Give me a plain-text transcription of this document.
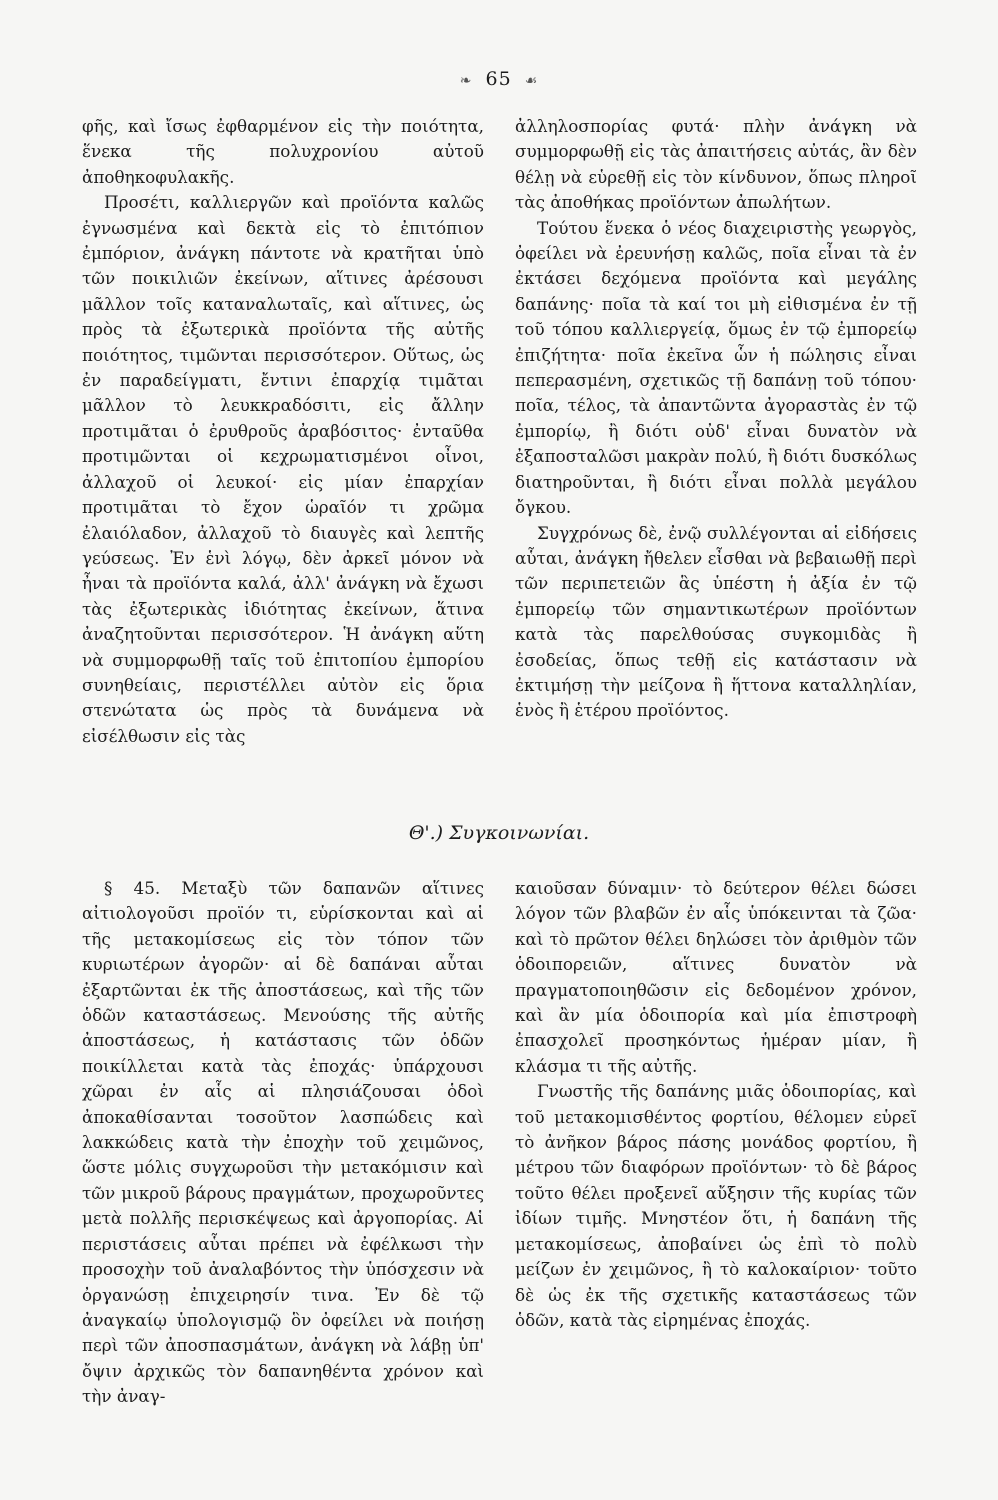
❧ 65 ☙

φῆς, καὶ ἴσως ἐφθαρμένον εἰς τὴν ποιότητα, ἕνεκα τῆς πολυχρονίου αὐτοῦ ἀποθηκοφυλακῆς.

Προσέτι, καλλιεργῶν καὶ προϊόντα καλῶς ἐγνωσμένα καὶ δεκτὰ εἰς τὸ ἐπιτόπιον ἐμπόριον, ἀνάγκη πάντοτε νὰ κρατῆται ὑπὸ τῶν ποικιλιῶν ἐκείνων, αἵτινες ἀρέσουσι μᾶλλον τοῖς καταναλωταῖς, καὶ αἵτινες, ὡς πρὸς τὰ ἐξωτερικὰ προϊόντα τῆς αὐτῆς ποιότητος, τιμῶνται περισσότερον. Οὕτως, ὡς ἐν παραδείγματι, ἔντινι ἐπαρχίᾳ τιμᾶται μᾶλλον τὸ λευκκραδόσιτι, εἰς ἄλλην προτιμᾶται ὁ ἐρυθροῦς ἀραβόσιτος· ἐνταῦθα προτιμῶνται οἱ κεχρωματισμένοι οἶνοι, ἀλλαχοῦ οἱ λευκοί· εἰς μίαν ἐπαρχίαν προτιμᾶται τὸ ἔχον ὡραῖόν τι χρῶμα ἐλαιόλαδον, ἀλλαχοῦ τὸ διαυγὲς καὶ λεπτῆς γεύσεως. Ἐν ἑνὶ λόγῳ, δὲν ἀρκεῖ μόνον νὰ ἦναι τὰ προϊόντα καλά, ἀλλ' ἀνάγκη νὰ ἔχωσι τὰς ἐξωτερικὰς ἰδιότητας ἐκείνων, ἅτινα ἀναζητοῦνται περισσότερον. Ἡ ἀνάγκη αὕτη νὰ συμμορφωθῇ ταῖς τοῦ ἐπιτοπίου ἐμπορίου συνηθείαις, περιστέλλει αὐτὸν εἰς ὅρια στενώτατα ὡς πρὸς τὰ δυνάμενα νὰ εἰσέλθωσιν εἰς τὰς

ἀλληλοσπορίας φυτά· πλὴν ἀνάγκη νὰ συμμορφωθῇ εἰς τὰς ἀπαιτήσεις αὐτάς, ἂν δὲν θέλῃ νὰ εὑρεθῇ εἰς τὸν κίνδυνον, ὅπως πληροῖ τὰς ἀποθήκας προϊόντων ἀπωλήτων.

Τούτου ἕνεκα ὁ νέος διαχειριστὴς γεωργὸς, ὀφείλει νὰ ἐρευνήσῃ καλῶς, ποῖα εἶναι τὰ ἐν ἐκτάσει δεχόμενα προϊόντα καὶ μεγάλης δαπάνης· ποῖα τὰ καί τοι μὴ εἰθισμένα ἐν τῇ τοῦ τόπου καλλιεργείᾳ, ὅμως ἐν τῷ ἐμπορείῳ ἐπιζήτητα· ποῖα ἐκεῖνα ὧν ἡ πώλησις εἶναι πεπερασμένη, σχετικῶς τῇ δαπάνῃ τοῦ τόπου· ποῖα, τέλος, τὰ ἀπαντῶντα ἀγοραστὰς ἐν τῷ ἐμπορίῳ, ἢ διότι οὐδ' εἶναι δυνατὸν νὰ ἐξαποσταλῶσι μακρὰν πολύ, ἢ διότι δυσκόλως διατηροῦνται, ἢ διότι εἶναι πολλὰ μεγάλου ὄγκου.

Συγχρόνως δὲ, ἐνῷ συλλέγονται αἱ εἰδήσεις αὗται, ἀνάγκη ἤθελεν εἶσθαι νὰ βεβαιωθῇ περὶ τῶν περιπετειῶν ἃς ὑπέστη ἡ ἀξία ἐν τῷ ἐμπορείῳ τῶν σημαντικωτέρων προϊόντων κατὰ τὰς παρελθούσας συγκομιδὰς ἢ ἐσοδείας, ὅπως τεθῇ εἰς κατάστασιν νὰ ἐκτιμήσῃ τὴν μείζονα ἢ ἥττονα καταλληλίαν, ἑνὸς ἢ ἑτέρου προϊόντος.

Θ'.) Συγκοινωνίαι.

§ 45. Μεταξὺ τῶν δαπανῶν αἵτινες αἰτιολογοῦσι προϊόν τι, εὑρίσκονται καὶ αἱ τῆς μετακομίσεως εἰς τὸν τόπον τῶν κυριωτέρων ἀγορῶν· αἱ δὲ δαπάναι αὗται ἐξαρτῶνται ἐκ τῆς ἀποστάσεως, καὶ τῆς τῶν ὁδῶν καταστάσεως. Μενούσης τῆς αὐτῆς ἀποστάσεως, ἡ κατάστασις τῶν ὁδῶν ποικίλλεται κατὰ τὰς ἐποχάς· ὑπάρχουσι χῶραι ἐν αἷς αἱ πλησιάζουσαι ὁδοὶ ἀποκαθίσανται τοσοῦτον λασπώδεις καὶ λακκώδεις κατὰ τὴν ἐποχὴν τοῦ χειμῶνος, ὥστε μόλις συγχωροῦσι τὴν μετακόμισιν καὶ τῶν μικροῦ βάρους πραγμάτων, προχωροῦντες μετὰ πολλῆς περισκέψεως καὶ ἀργοπορίας. Αἱ περιστάσεις αὗται πρέπει νὰ ἐφέλκωσι τὴν προσοχὴν τοῦ ἀναλαβόντος τὴν ὑπόσχεσιν νὰ ὀργανώσῃ ἐπιχειρησίν τινα. Ἐν δὲ τῷ ἀναγκαίῳ ὑπολογισμῷ ὃν ὀφείλει νὰ ποιήσῃ περὶ τῶν ἀποσπασμάτων, ἀνάγκη νὰ λάβῃ ὑπ' ὄψιν ἀρχικῶς τὸν δαπανηθέντα χρόνον καὶ τὴν ἀναγ-

καιοῦσαν δύναμιν· τὸ δεύτερον θέλει δώσει λόγον τῶν βλαβῶν ἐν αἷς ὑπόκεινται τὰ ζῶα· καὶ τὸ πρῶτον θέλει δηλώσει τὸν ἀριθμὸν τῶν ὁδοιπορειῶν, αἵτινες δυνατὸν νὰ πραγματοποιηθῶσιν εἰς δεδομένον χρόνον, καὶ ἂν μία ὁδοιπορία καὶ μία ἐπιστροφὴ ἐπασχολεῖ προσηκόντως ἡμέραν μίαν, ἢ κλάσμα τι τῆς αὐτῆς.

Γνωστῆς τῆς δαπάνης μιᾶς ὁδοιπορίας, καὶ τοῦ μετακομισθέντος φορτίου, θέλομεν εὑρεῖ τὸ ἀνῆκον βάρος πάσης μονάδος φορτίου, ἢ μέτρου τῶν διαφόρων προϊόντων· τὸ δὲ βάρος τοῦτο θέλει προξενεῖ αὔξησιν τῆς κυρίας τῶν ἰδίων τιμῆς. Μνηστέον ὅτι, ἡ δαπάνη τῆς μετακομίσεως, ἀποβαίνει ὡς ἐπὶ τὸ πολὺ μείζων ἐν χειμῶνος, ἢ τὸ καλοκαίριον· τοῦτο δὲ ὡς ἐκ τῆς σχετικῆς καταστάσεως τῶν ὁδῶν, κατὰ τὰς εἰρημένας ἐποχάς.
